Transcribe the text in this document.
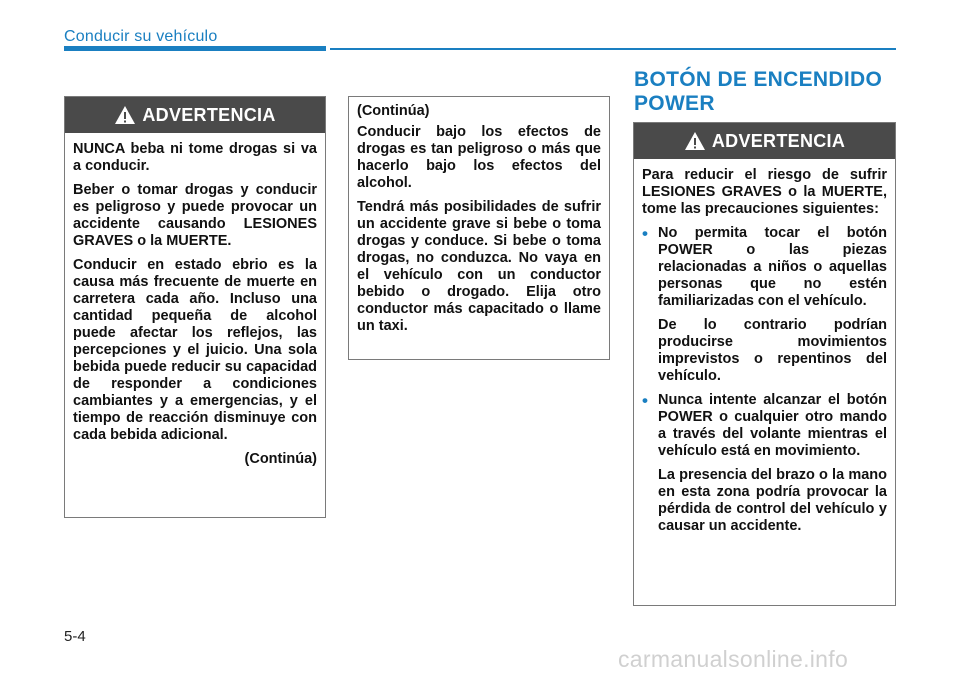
Conducir su vehículo
ADVERTENCIA

NUNCA beba ni tome drogas si va a conducir.

Beber o tomar drogas y conducir es peligroso y puede provocar un accidente causando LESIONES GRAVES o la MUERTE.

Conducir en estado ebrio es la causa más frecuente de muerte en carretera cada año. Incluso una cantidad pequeña de alcohol puede afectar los reflejos, las percepciones y el juicio. Una sola bebida puede reducir su capacidad de responder a condiciones cambiantes y a emergencias, y el tiempo de reacción disminuye con cada bebida adicional.

(Continúa)

(Continúa)

Conducir bajo los efectos de drogas es tan peligroso o más que hacerlo bajo los efectos del alcohol.

Tendrá más posibilidades de sufrir un accidente grave si bebe o toma drogas y conduce. Si bebe o toma drogas, no conduzca. No vaya en el vehículo con un conductor bebido o drogado. Elija otro conductor más capacitado o llame un taxi.

BOTÓN DE ENCENDIDO
POWER
ADVERTENCIA

Para reducir el riesgo de sufrir LESIONES GRAVES o la MUERTE, tome las precauciones siguientes:

• No permita tocar el botón POWER o las piezas relacionadas a niños o aquellas personas que no estén familiarizadas con el vehículo.

De lo contrario podrían producirse movimientos imprevistos o repentinos del vehículo.

• Nunca intente alcanzar el botón POWER o cualquier otro mando a través del volante mientras el vehículo está en movimiento.

La presencia del brazo o la mano en esta zona podría provocar la pérdida de control del vehículo y causar un accidente.

5-4
carmanualsonline.info
